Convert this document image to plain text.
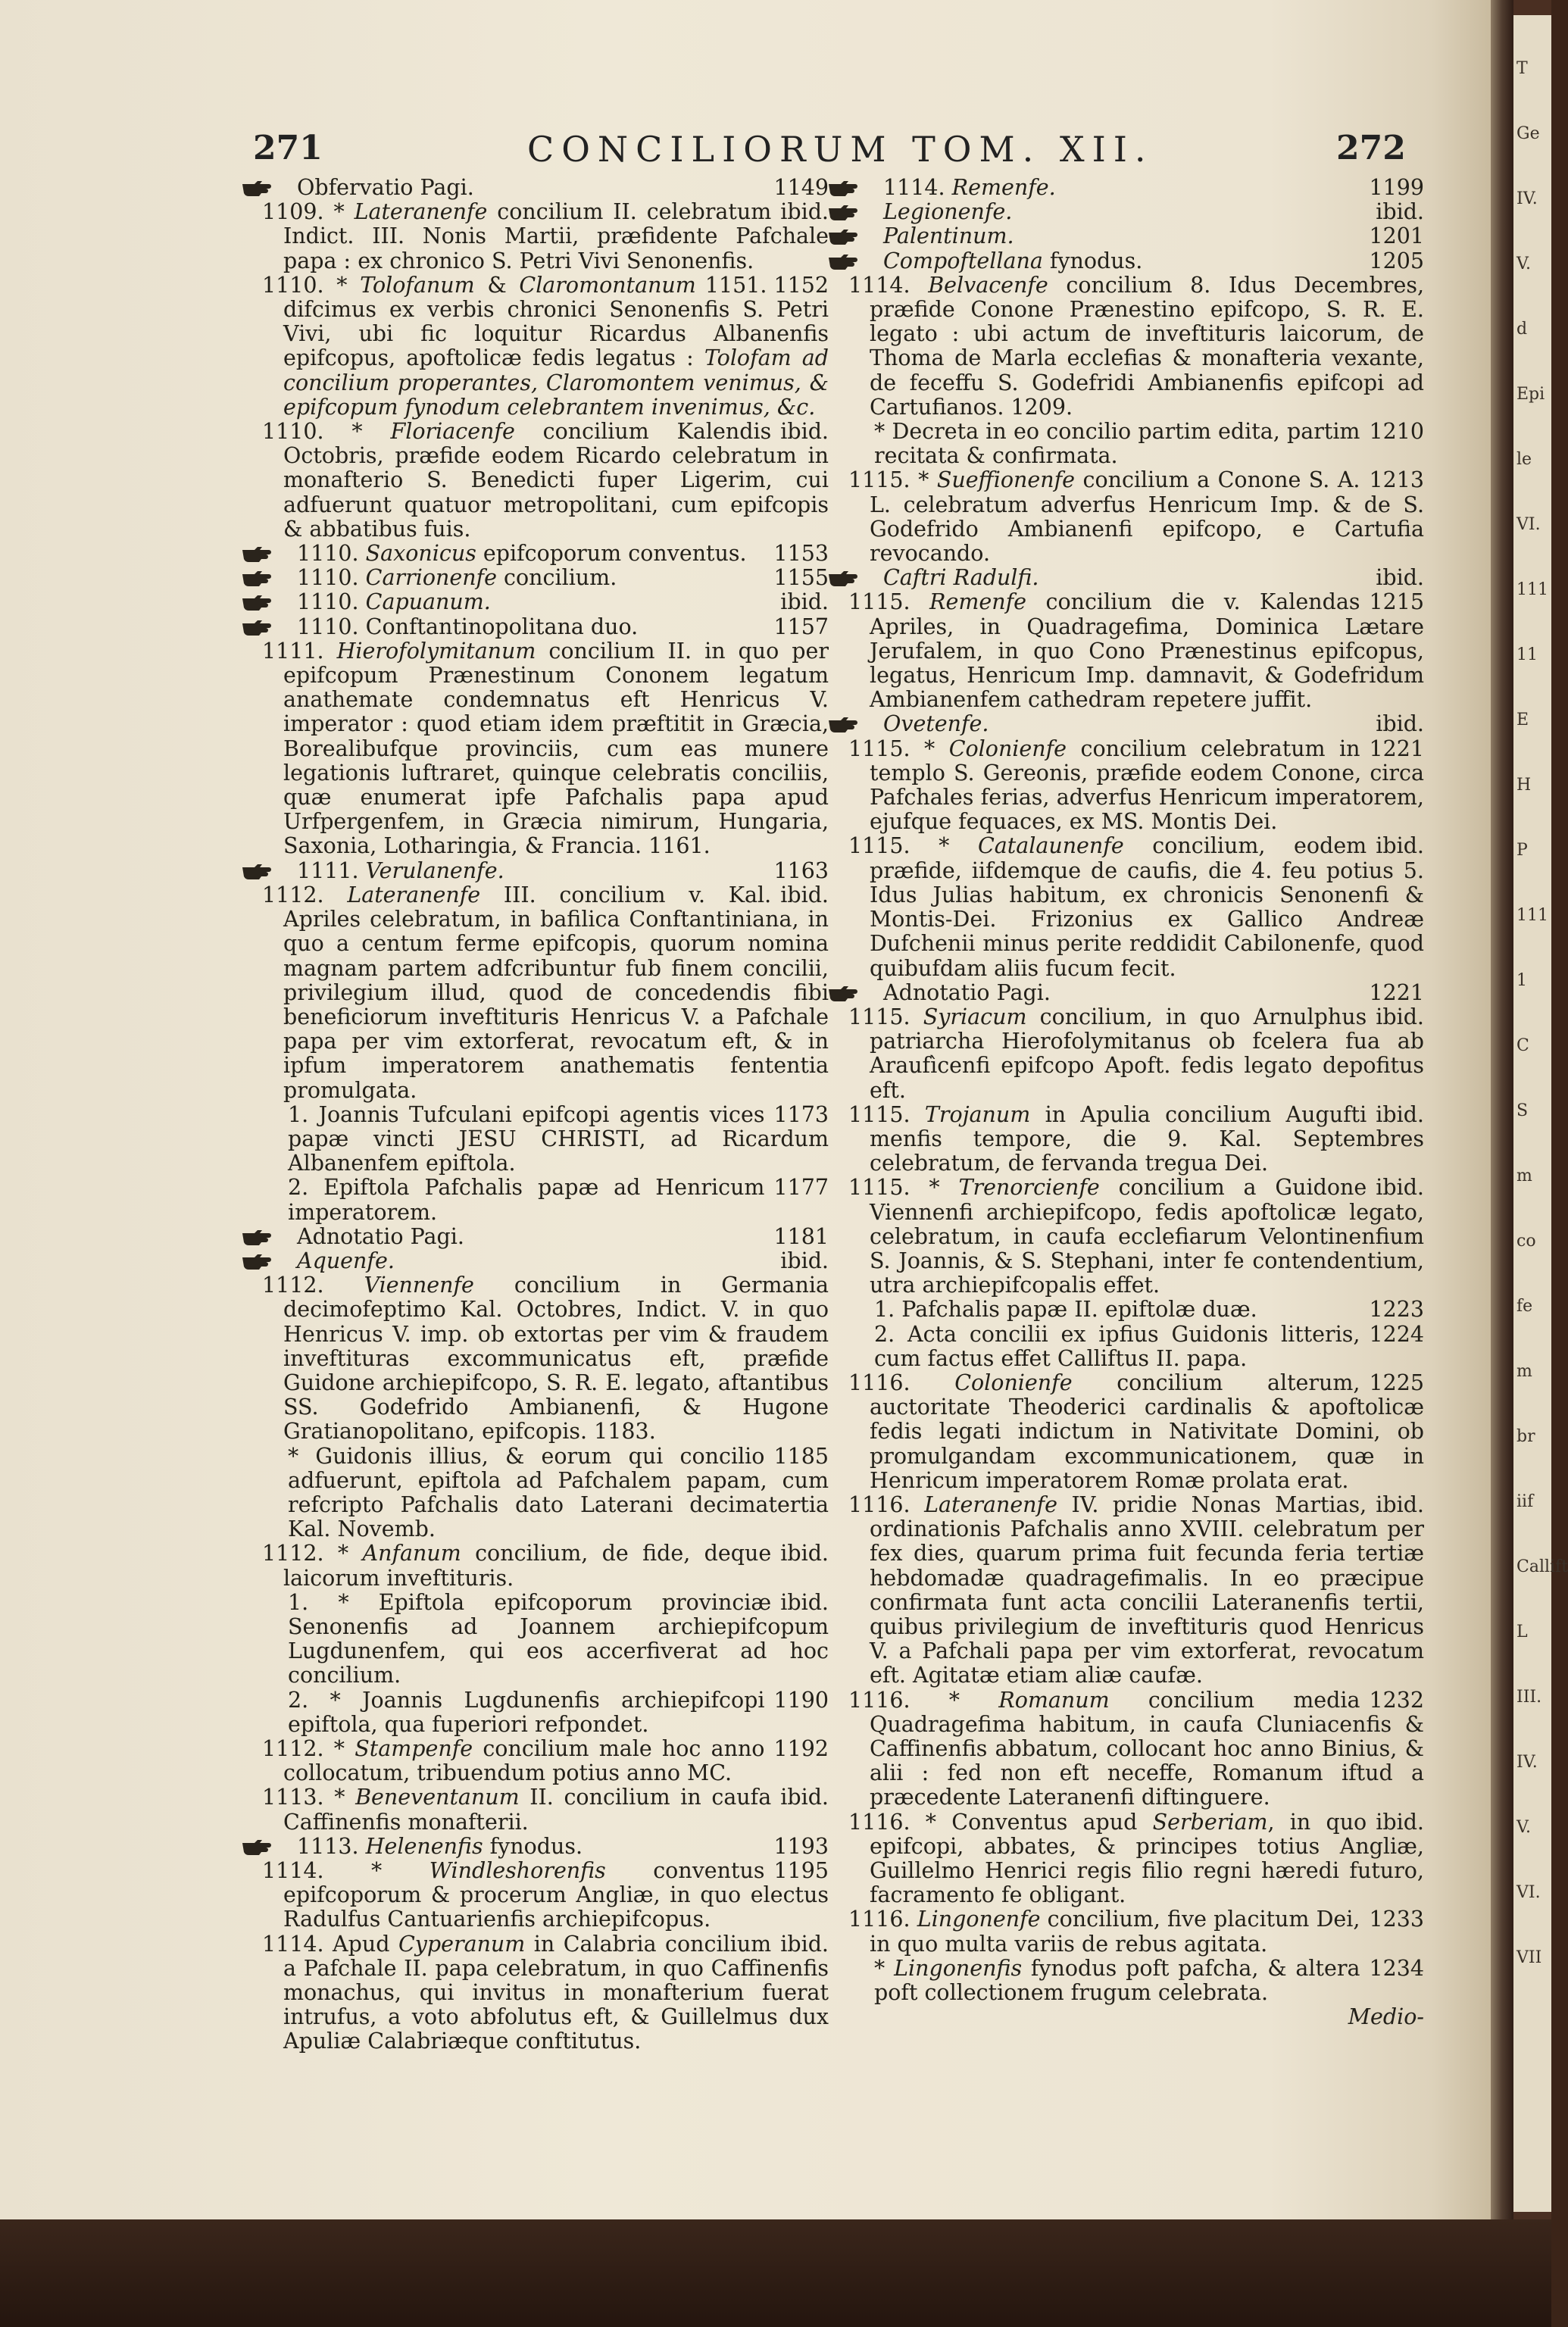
T
Ge
IV.
V.
d
Epi
le
VI.
111
11
E
H
P
111
1
C
S
m
co
fe
m
br
iif
Callift
L
III.
IV.
V.
VI.
VII
271	CONCILIORUM TOM. XII.	272

1149
Obfervatio Pagi.

ibid.
1109. * Lateranenfe concilium II. celebratum Indict. III. Nonis Martii, præfidente Pafchale papa : ex chronico S. Petri Vivi Senonenfis.

1151. 1152
1110. * Tolofanum & Claromontanum difcimus ex verbis chronici Senonenfis S. Petri Vivi, ubi fic loquitur Ricardus Albanenfis epifcopus, apoftolicæ fedis legatus : Tolofam ad concilium properantes, Claromontem venimus, & epifcopum fynodum celebrantem invenimus, &c.

ibid.
1110. * Floriacenfe concilium Kalendis Octobris, præfide eodem Ricardo celebratum in monafterio S. Benedicti fuper Ligerim, cui adfuerunt quatuor metropolitani, cum epifcopis & abbatibus fuis.

1153
1110. Saxonicus epifcoporum conventus.

1155
1110. Carrionenfe concilium.

ibid.
1110. Capuanum.

1157
1110. Conftantinopolitana duo.

1111. Hierofolymitanum concilium II. in quo per epifcopum Prænestinum Cononem legatum anathemate condemnatus eft Henricus V. imperator : quod etiam idem præftitit in Græcia, Borealibufque provinciis, cum eas munere legationis luftraret, quinque celebratis conciliis, quæ enumerat ipfe Pafchalis papa apud Urfpergenfem, in Græcia nimirum, Hungaria, Saxonia, Lotharingia, & Francia. 1161.

1163
1111. Verulanenfe.

ibid.
1112. Lateranenfe III. concilium v. Kal. Apriles celebratum, in bafilica Conftantiniana, in quo a centum ferme epifcopis, quorum nomina magnam partem adfcribuntur fub finem concilii, privilegium illud, quod de concedendis fibi beneficiorum inveftituris Henricus V. a Pafchale papa per vim extorferat, revocatum eft, & in ipfum imperatorem anathematis fententia promulgata.

1173
1. Joannis Tufculani epifcopi agentis vices papæ vincti JESU CHRISTI, ad Ricardum Albanenfem epiftola.

1177
2. Epiftola Pafchalis papæ ad Henricum imperatorem.

1181
Adnotatio Pagi.

ibid.
Aquenfe.

1112. Viennenfe concilium in Germania decimofeptimo Kal. Octobres, Indict. V. in quo Henricus V. imp. ob extortas per vim & fraudem inveftituras excommunicatus eft, præfide Guidone archiepifcopo, S. R. E. legato, aftantibus SS. Godefrido Ambianenfi, & Hugone Gratianopolitano, epifcopis. 1183.

1185
* Guidonis illius, & eorum qui concilio adfuerunt, epiftola ad Pafchalem papam, cum refcripto Pafchalis dato Laterani decimatertia Kal. Novemb.

ibid.
1112. * Anfanum concilium, de fide, deque laicorum inveftituris.

ibid.
1. * Epiftola epifcoporum provinciæ Senonenfis ad Joannem archiepifcopum Lugdunenfem, qui eos accerfiverat ad hoc concilium.

1190
2. * Joannis Lugdunenfis archiepifcopi epiftola, qua fuperiori refpondet.

1192
1112. * Stampenfe concilium male hoc anno collocatum, tribuendum potius anno MC.

ibid.
1113. * Beneventanum II. concilium in caufa Caffinenfis monafterii.

1193
1113. Helenenfis fynodus.

1195
1114. * Windleshorenfis conventus epifcoporum & procerum Angliæ, in quo electus Radulfus Cantuarienfis archiepifcopus.

ibid.
1114. Apud Cyperanum in Calabria concilium a Pafchale II. papa celebratum, in quo Caffinenfis monachus, qui invitus in monafterium fuerat intrufus, a voto abfolutus eft, & Guillelmus dux Apuliæ Calabriæque conftitutus.

1199
1114. Remenfe.

ibid.
Legionenfe.

1201
Palentinum.

1205
Compoftellana fynodus.

1114. Belvacenfe concilium 8. Idus Decembres, præfide Conone Prænestino epifcopo, S. R. E. legato : ubi actum de inveftituris laicorum, de Thoma de Marla ecclefias & monafteria vexante, de feceffu S. Godefridi Ambianenfis epifcopi ad Cartufianos. 1209.

1210
* Decreta in eo concilio partim edita, partim recitata & confirmata.

1213
1115. * Sueffionenfe concilium a Conone S. A. L. celebratum adverfus Henricum Imp. & de S. Godefrido Ambianenfi epifcopo, e Cartufia revocando.

ibid.
Caftri Radulfi.

1215
1115. Remenfe concilium die v. Kalendas Apriles, in Quadragefima, Dominica Lætare Jerufalem, in quo Cono Prænestinus epifcopus, legatus, Henricum Imp. damnavit, & Godefridum Ambianenfem cathedram repetere juffit.

ibid.
Ovetenfe.

1221
1115. * Colonienfe concilium celebratum in templo S. Gereonis, præfide eodem Conone, circa Pafchales ferias, adverfus Henricum imperatorem, ejufque fequaces, ex MS. Montis Dei.

ibid.
1115. * Catalaunenfe concilium, eodem præfide, iifdemque de caufis, die 4. feu potius 5. Idus Julias habitum, ex chronicis Senonenfi & Montis-Dei. Frizonius ex Gallico Andreæ Dufchenii minus perite reddidit Cabilonenfe, quod quibufdam aliis fucum fecit.

1221
Adnotatio Pagi.

ibid.
1115. Syriacum concilium, in quo Arnulphus patriarcha Hierofolymitanus ob fcelera fua ab Araufìcenfi epifcopo Apoft. fedis legato depofitus eft.

ibid.
1115. Trojanum in Apulia concilium Augufti menfis tempore, die 9. Kal. Septembres celebratum, de fervanda tregua Dei.

ibid.
1115. * Trenorcienfe concilium a Guidone Viennenfi archiepifcopo, fedis apoftolicæ legato, celebratum, in caufa ecclefiarum Velontinenfium S. Joannis, & S. Stephani, inter fe contendentium, utra archiepifcopalis effet.

1223
1. Pafchalis papæ II. epiftolæ duæ.

1224
2. Acta concilii ex ipfius Guidonis litteris, cum factus effet Calliftus II. papa.

1225
1116. Colonienfe concilium alterum, auctoritate Theoderici cardinalis & apoftolicæ fedis legati indictum in Nativitate Domini, ob promulgandam excommunicationem, quæ in Henricum imperatorem Romæ prolata erat.

ibid.
1116. Lateranenfe IV. pridie Nonas Martias, ordinationis Pafchalis anno XVIII. celebratum per fex dies, quarum prima fuit fecunda feria tertiæ hebdomadæ quadragefimalis. In eo præcipue confirmata funt acta concilii Lateranenfis tertii, quibus privilegium de inveftituris quod Henricus V. a Pafchali papa per vim extorferat, revocatum eft. Agitatæ etiam aliæ caufæ.

1232
1116. * Romanum concilium media Quadragefima habitum, in caufa Cluniacenfis & Caffinenfis abbatum, collocant hoc anno Binius, & alii : fed non eft neceffe, Romanum iftud a præcedente Lateranenfi diftinguere.

ibid.
1116. * Conventus apud Serberiam, in quo epifcopi, abbates, & principes totius Angliæ, Guillelmo Henrici regis filio regni hæredi futuro, facramento fe obligant.

1233
1116. Lingonenfe concilium, five placitum Dei, in quo multa variis de rebus agitata.

1234
* Lingonenfis fynodus poft pafcha, & altera poft collectionem frugum celebrata.

Medio-
